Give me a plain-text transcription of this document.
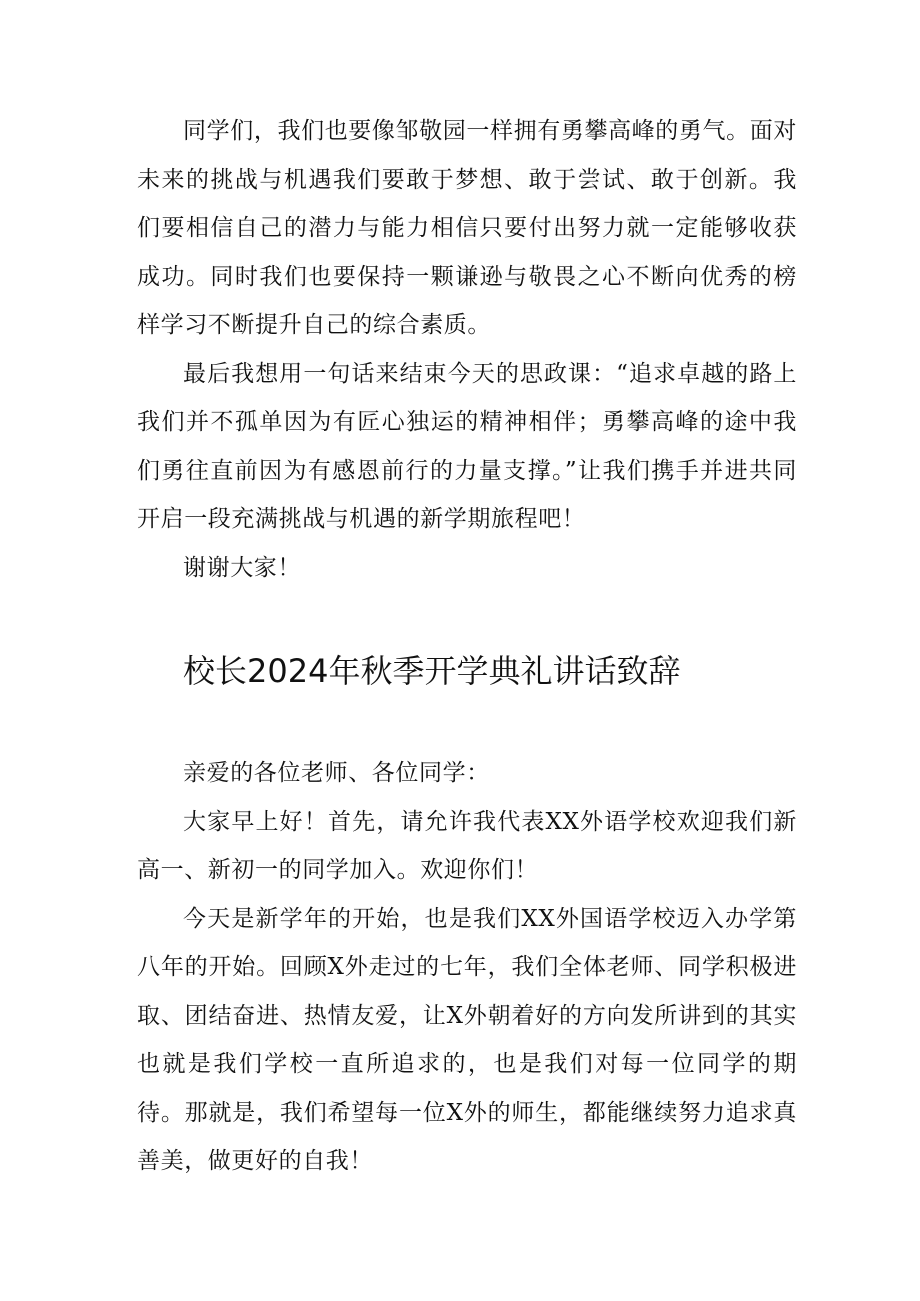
同学们，我们也要像邹敬园一样拥有勇攀高峰的勇气。面对未来的挑战与机遇我们要敢于梦想、敢于尝试、敢于创新。我们要相信自己的潜力与能力相信只要付出努力就一定能够收获成功。同时我们也要保持一颗谦逊与敬畏之心不断向优秀的榜样学习不断提升自己的综合素质。

最后我想用一句话来结束今天的思政课：“追求卓越的路上我们并不孤单因为有匠心独运的精神相伴；勇攀高峰的途中我们勇往直前因为有感恩前行的力量支撑。”让我们携手并进共同开启一段充满挑战与机遇的新学期旅程吧！

谢谢大家！

校长2024年秋季开学典礼讲话致辞

亲爱的各位老师、各位同学：

大家早上好！首先，请允许我代表XX外语学校欢迎我们新高一、新初一的同学加入。欢迎你们！

今天是新学年的开始，也是我们XX外国语学校迈入办学第八年的开始。回顾X外走过的七年，我们全体老师、同学积极进取、团结奋进、热情友爱，让X外朝着好的方向发所讲到的其实也就是我们学校一直所追求的，也是我们对每一位同学的期待。那就是，我们希望每一位X外的师生，都能继续努力追求真善美，做更好的自我！
